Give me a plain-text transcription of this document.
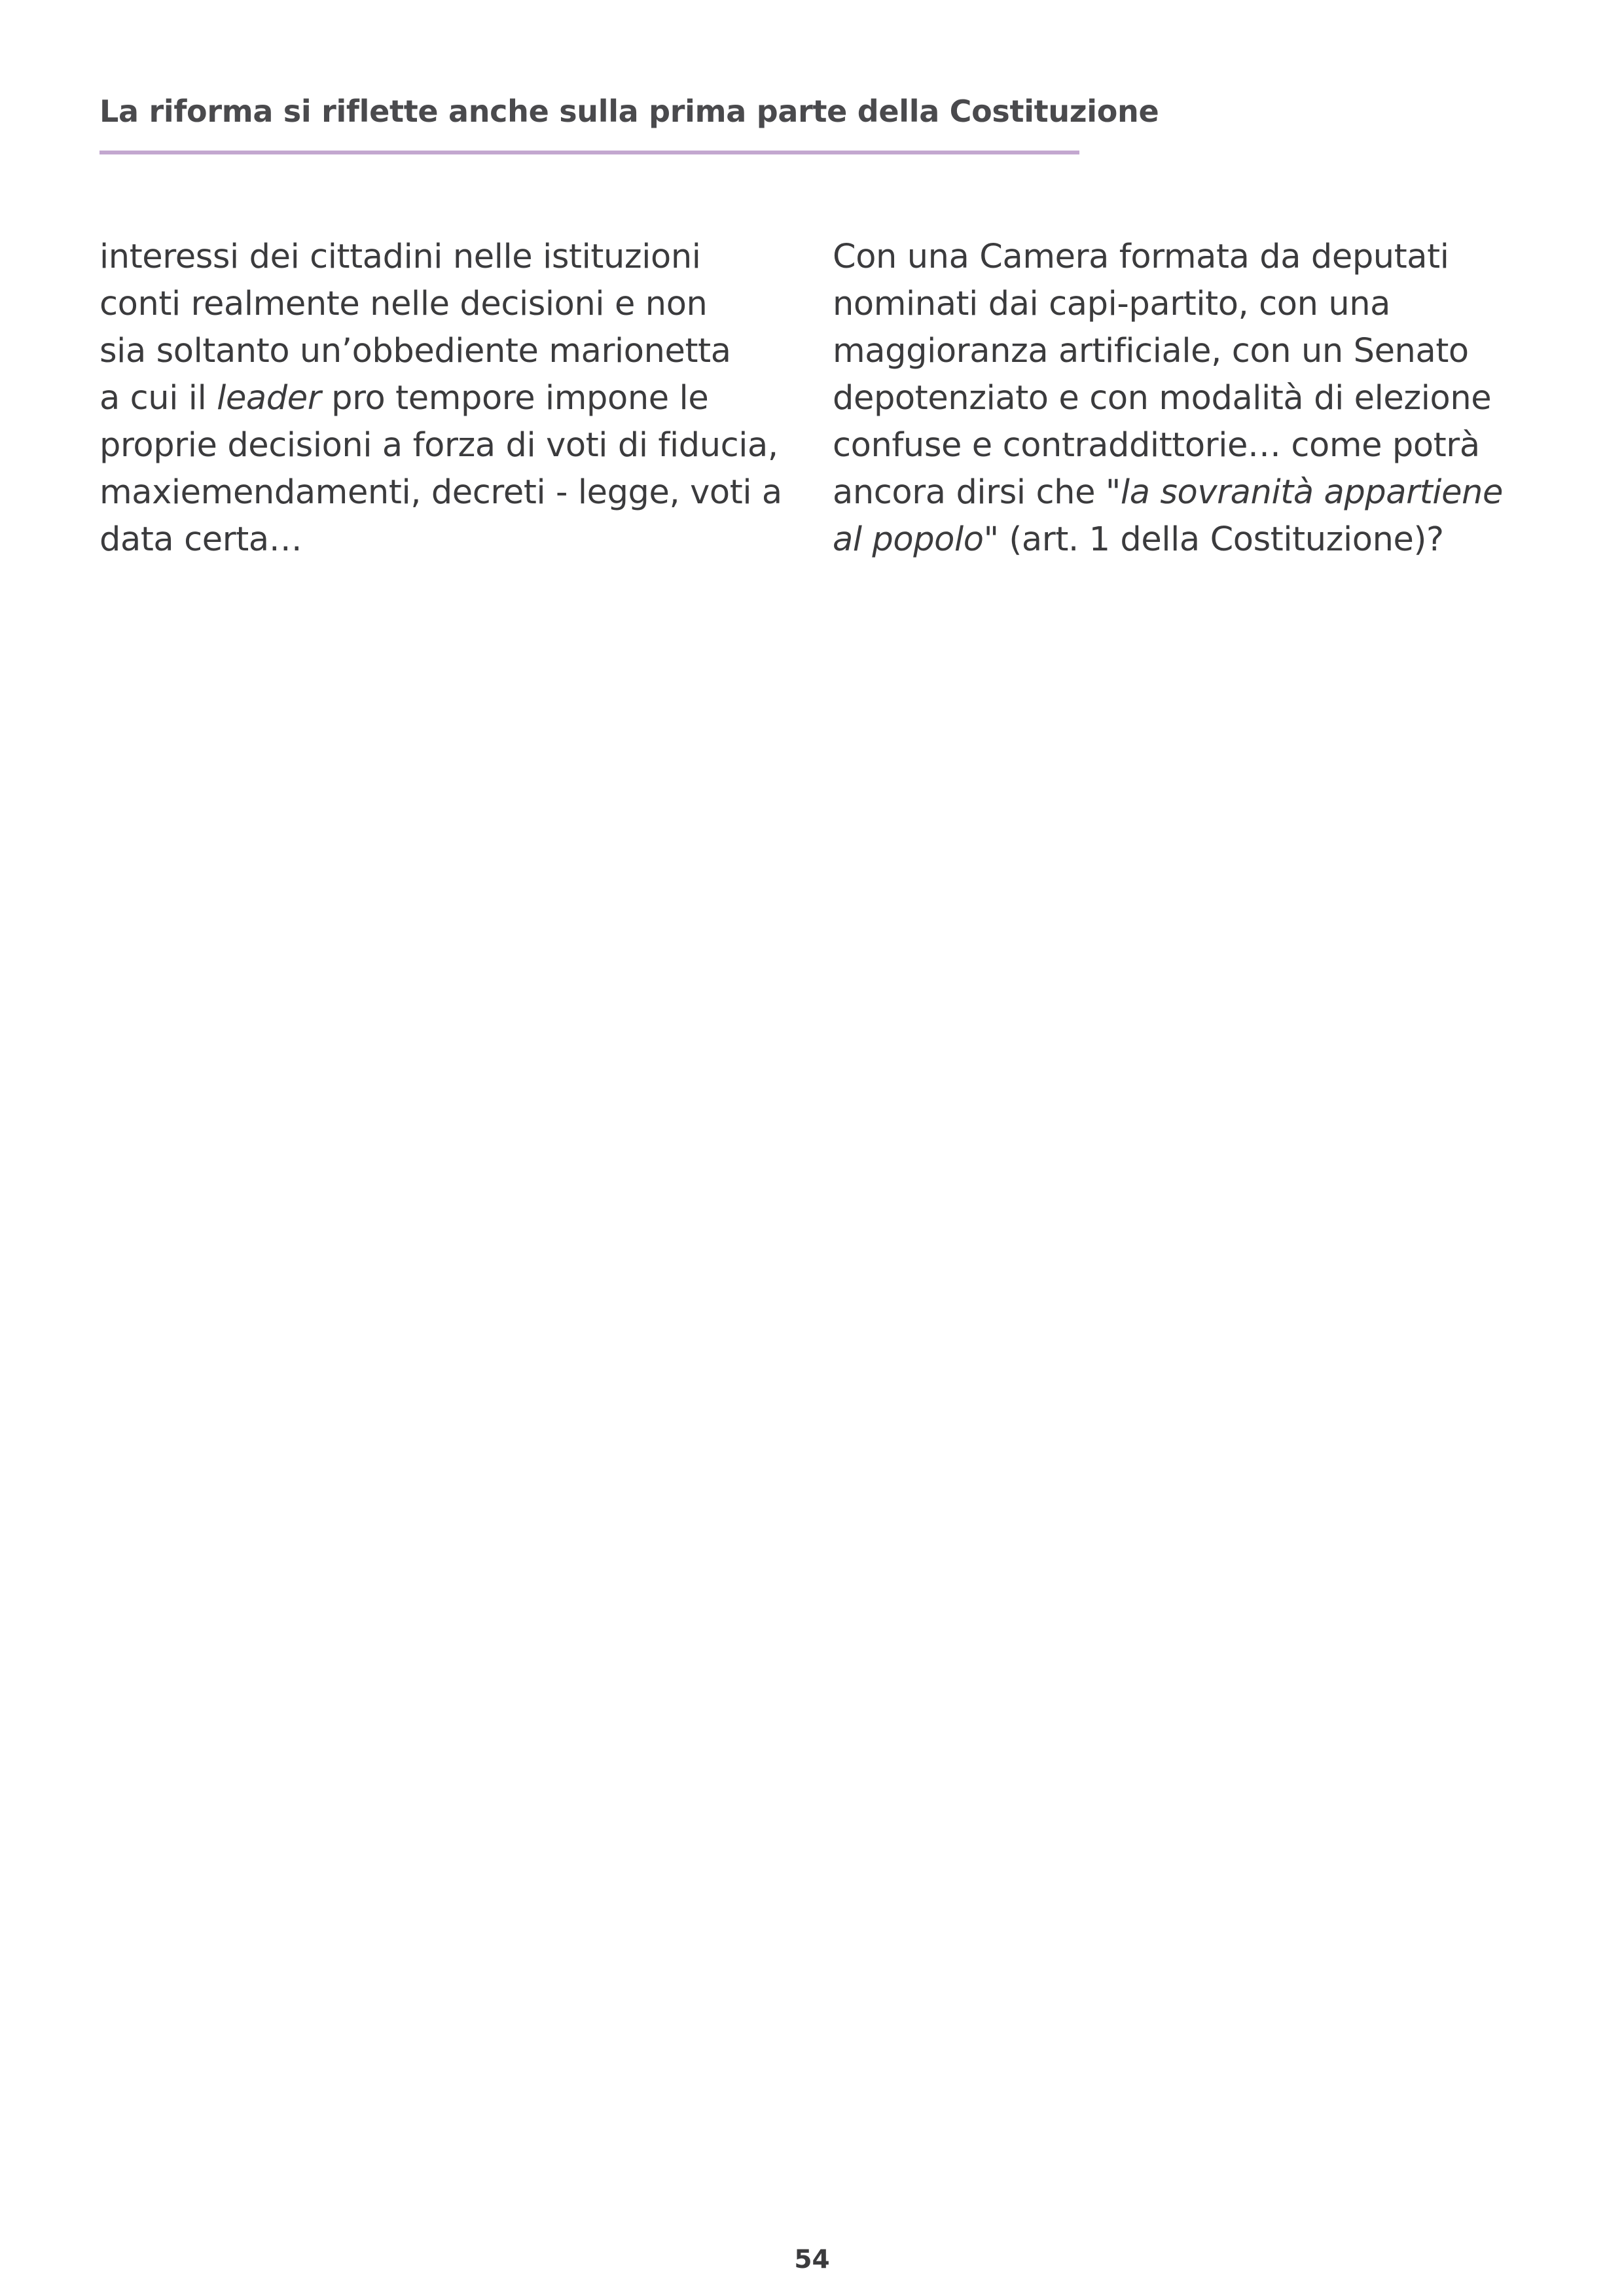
La riforma si riflette anche sulla prima parte della Costituzione
interessi dei cittadini nelle istituzioni
conti realmente nelle decisioni e non
sia soltanto un’obbediente marionetta
a cui il leader pro tempore impone le
proprie decisioni a forza di voti di fiducia,
maxiemendamenti, decreti - legge, voti a
data certa…
Con una Camera formata da deputati
nominati dai capi-partito, con una
maggioranza artificiale, con un Senato
depotenziato e con modalità di elezione
confuse e contraddittorie… come potrà
ancora dirsi che "la sovranità appartiene
al popolo" (art. 1 della Costituzione)?
54
